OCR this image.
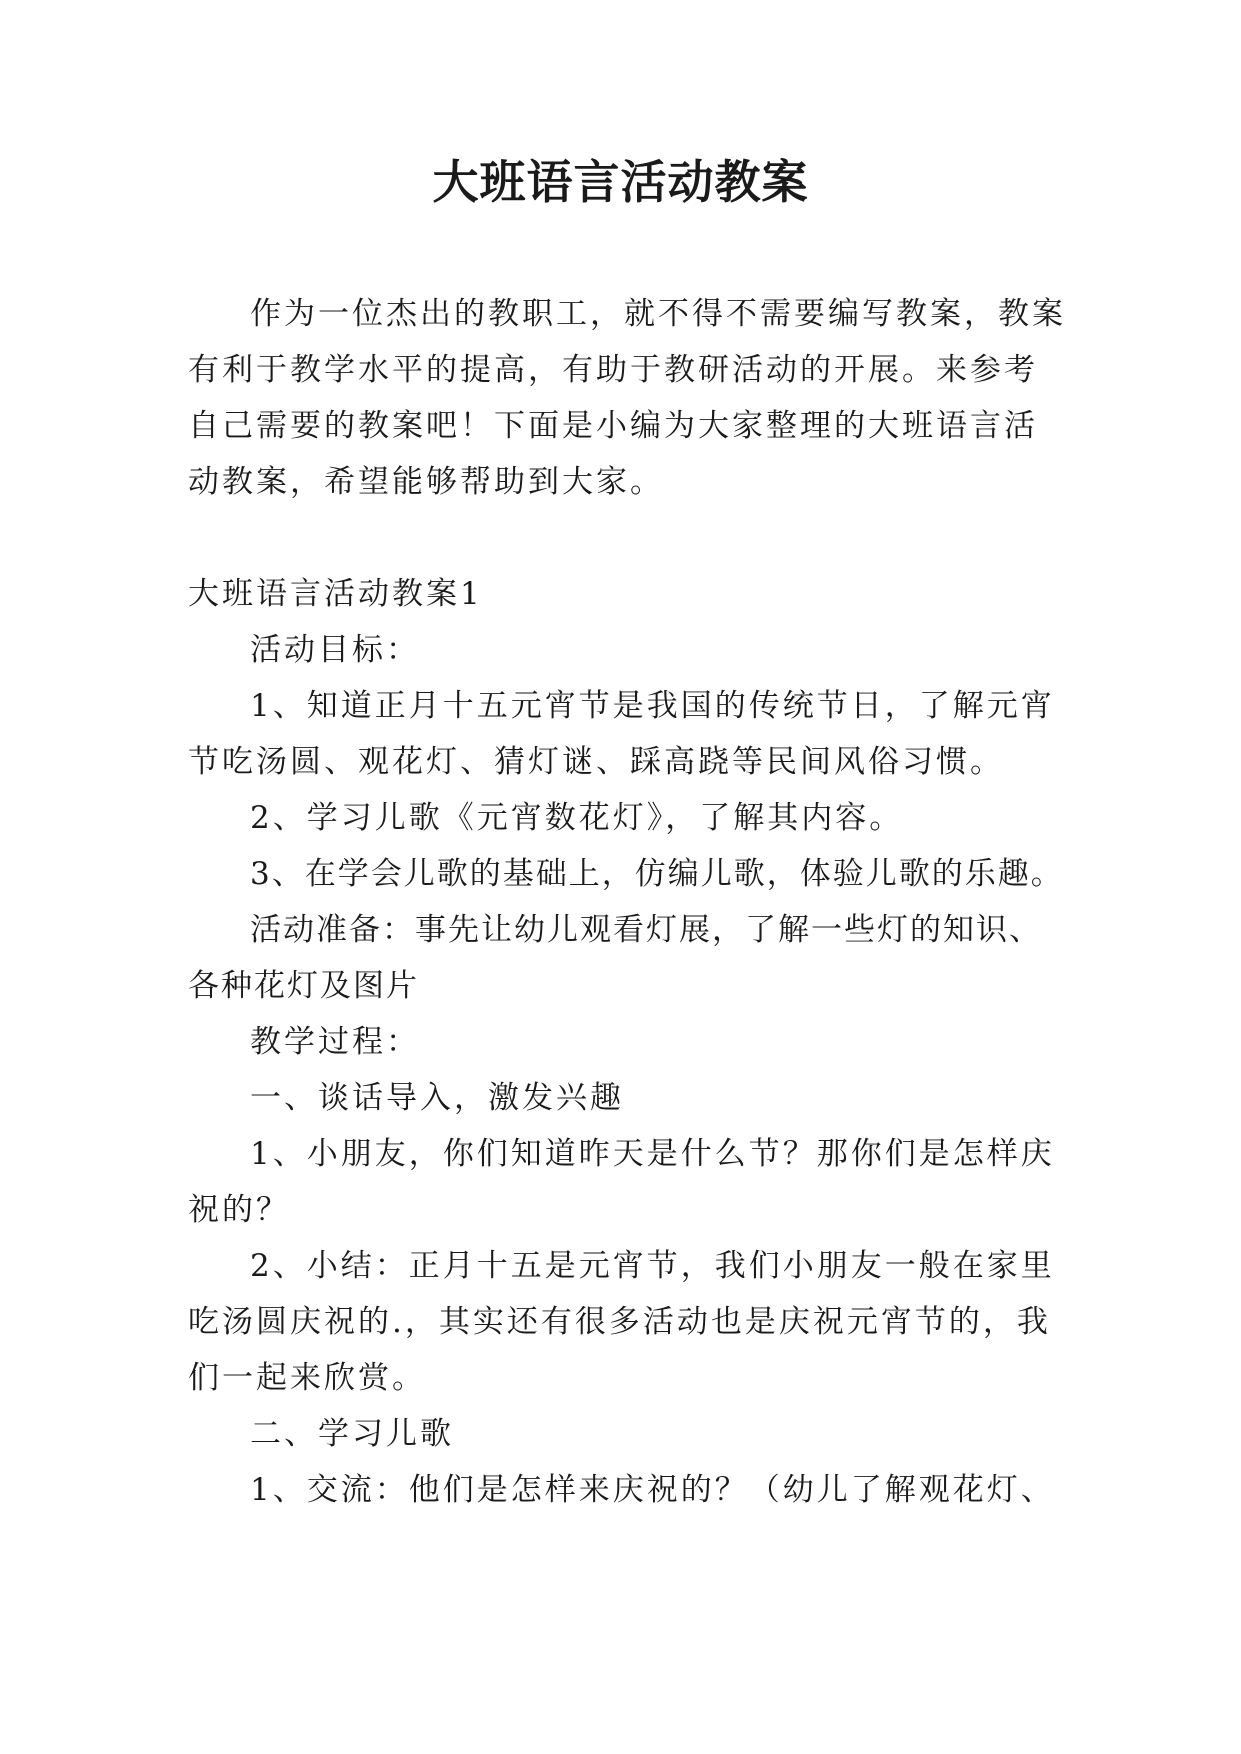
大班语言活动教案

作为一位杰出的教职工，就不得不需要编写教案，教案有利于教学水平的提高，有助于教研活动的开展。来参考自己需要的教案吧！下面是小编为大家整理的大班语言活动教案，希望能够帮助到大家。

大班语言活动教案1

活动目标：

1、知道正月十五元宵节是我国的传统节日，了解元宵节吃汤圆、观花灯、猜灯谜、踩高跷等民间风俗习惯。

2、学习儿歌《元宵数花灯》，了解其内容。

3、在学会儿歌的基础上，仿编儿歌，体验儿歌的乐趣。

活动准备：事先让幼儿观看灯展，了解一些灯的知识、各种花灯及图片

教学过程：

一、谈话导入，激发兴趣

1、小朋友，你们知道昨天是什么节？那你们是怎样庆祝的？

2、小结：正月十五是元宵节，我们小朋友一般在家里吃汤圆庆祝的.，其实还有很多活动也是庆祝元宵节的，我们一起来欣赏。

二、学习儿歌

1、交流：他们是怎样来庆祝的？（幼儿了解观花灯、
